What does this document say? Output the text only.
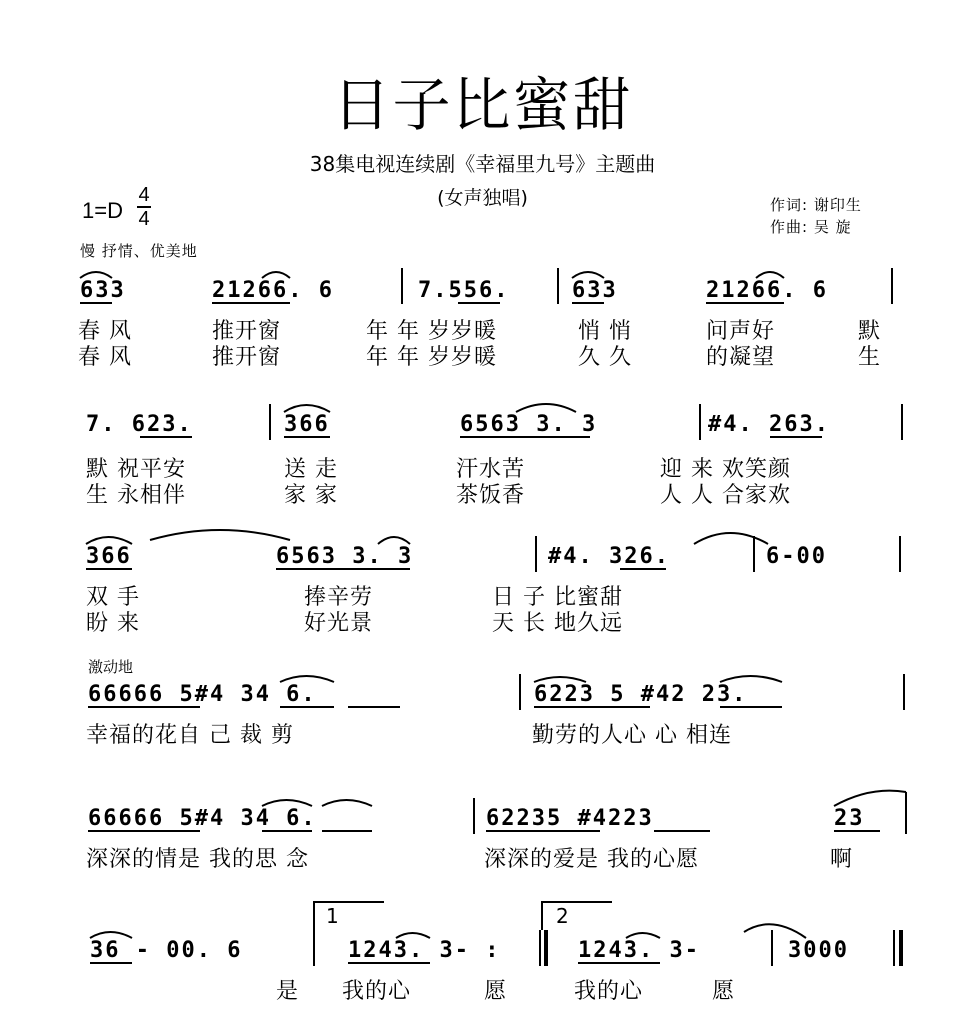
日子比蜜甜
38集电视连续剧《幸福里九号》主题曲
(女声独唱)
1=D
4
4
作词: 谢印生
作曲: 吴 旋
慢 抒情、优美地
633	21266. 6	7.556.	633	21266. 6
春 风	推开窗	年 年 岁岁暖	悄 悄	问声好	默
春 风	推开窗	年 年 岁岁暖	久 久	的凝望	生
7. 623.	366	6563 3. 3	#4. 263.
默 祝平安	送 走	汗水苦	迎 来 欢笑颜
生 永相伴	家 家	茶饭香	人 人 合家欢
366	6563 3. 3	#4. 326.	6-00
双 手	捧辛劳	日 子 比蜜甜
盼 来	好光景	天 长 地久远
激动地
66666 5#4 34 6.	6223 5 #42 23.
幸福的花自 己 裁 剪	勤劳的人心 心 相连
66666 5#4 34 6.	62235 #4223	23
深深的情是 我的思 念	深深的爱是 我的心愿	啊
1	2
36 - 00. 6	1243. 3- :	1243. 3-	3000
是 我的心	愿	我的心	愿
